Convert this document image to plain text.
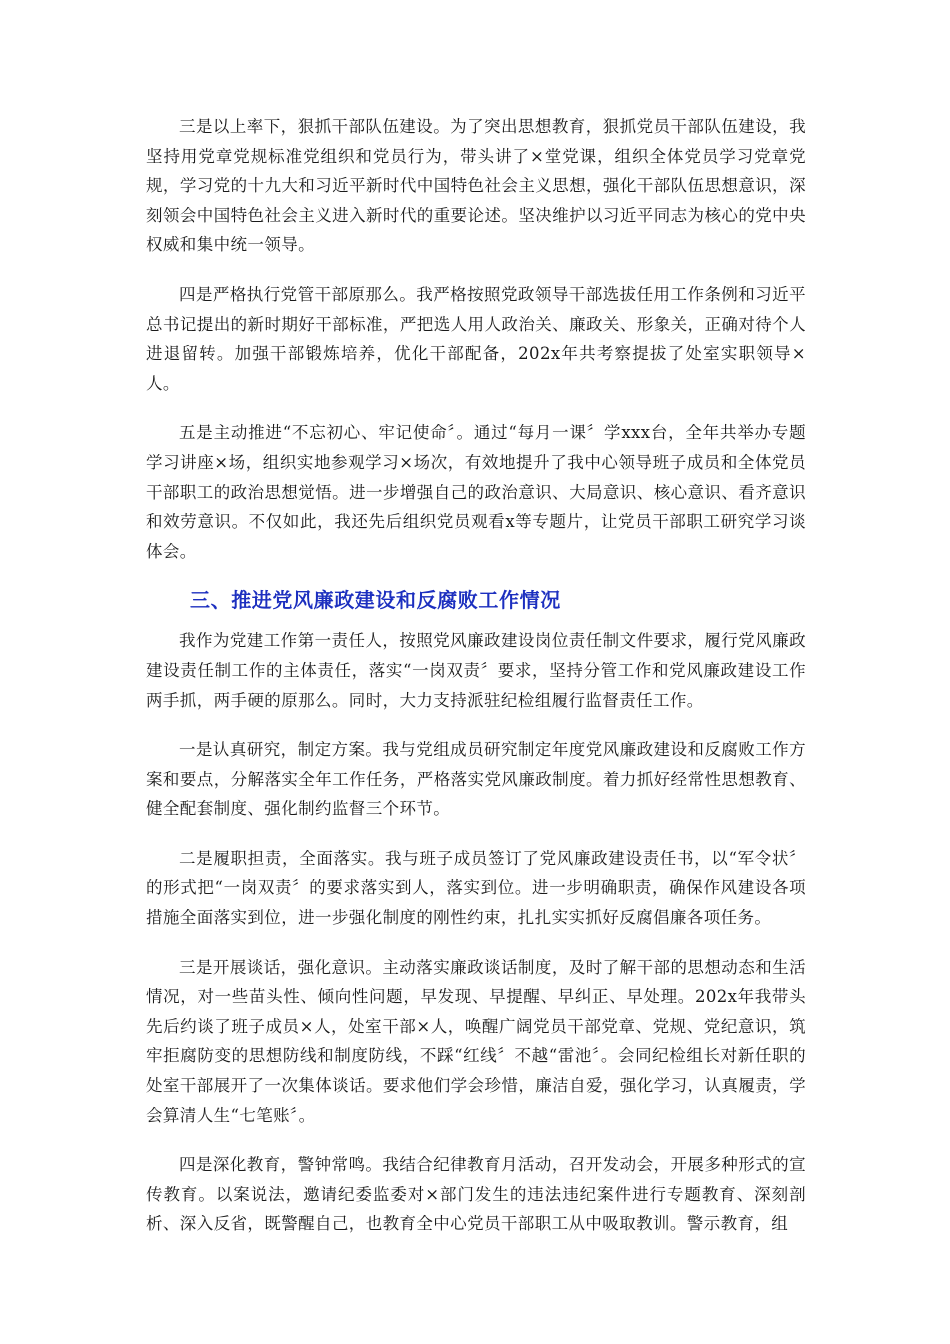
三是以上率下，狠抓干部队伍建设。为了突出思想教育，狠抓党员干部队伍建设，我坚持用党章党规标准党组织和党员行为，带头讲了×堂党课，组织全体党员学习党章党规，学习党的十九大和习近平新时代中国特色社会主义思想，强化干部队伍思想意识，深刻领会中国特色社会主义进入新时代的重要论述。坚决维护以习近平同志为核心的党中央权威和集中统一领导。

四是严格执行党管干部原那么。我严格按照党政领导干部选拔任用工作条例和习近平总书记提出的新时期好干部标准，严把选人用人政治关、廉政关、形象关，正确对待个人进退留转。加强干部锻炼培养，优化干部配备，202x年共考察提拔了处室实职领导×人。

五是主动推进“不忘初心、牢记使命〞。通过“每月一课〞学xxx台，全年共举办专题学习讲座×场，组织实地参观学习×场次，有效地提升了我中心领导班子成员和全体党员干部职工的政治思想觉悟。进一步增强自己的政治意识、大局意识、核心意识、看齐意识和效劳意识。不仅如此，我还先后组织党员观看x等专题片，让党员干部职工研究学习谈体会。

三、推进党风廉政建设和反腐败工作情况

我作为党建工作第一责任人，按照党风廉政建设岗位责任制文件要求，履行党风廉政建设责任制工作的主体责任，落实“一岗双责〞要求，坚持分管工作和党风廉政建设工作两手抓，两手硬的原那么。同时，大力支持派驻纪检组履行监督责任工作。

一是认真研究，制定方案。我与党组成员研究制定年度党风廉政建设和反腐败工作方案和要点，分解落实全年工作任务，严格落实党风廉政制度。着力抓好经常性思想教育、健全配套制度、强化制约监督三个环节。

二是履职担责，全面落实。我与班子成员签订了党风廉政建设责任书，以“军令状〞的形式把“一岗双责〞的要求落实到人，落实到位。进一步明确职责，确保作风建设各项措施全面落实到位，进一步强化制度的刚性约束，扎扎实实抓好反腐倡廉各项任务。

三是开展谈话，强化意识。主动落实廉政谈话制度，及时了解干部的思想动态和生活情况，对一些苗头性、倾向性问题，早发现、早提醒、早纠正、早处理。202x年我带头先后约谈了班子成员×人，处室干部×人，唤醒广阔党员干部党章、党规、党纪意识，筑牢拒腐防变的思想防线和制度防线，不踩“红线〞不越“雷池〞。会同纪检组长对新任职的处室干部展开了一次集体谈话。要求他们学会珍惜，廉洁自爱，强化学习，认真履责，学会算清人生“七笔账〞。

四是深化教育，警钟常鸣。我结合纪律教育月活动，召开发动会，开展多种形式的宣传教育。以案说法，邀请纪委监委对×部门发生的违法违纪案件进行专题教育、深刻剖析、深入反省，既警醒自己，也教育全中心党员干部职工从中吸取教训。警示教育，组
